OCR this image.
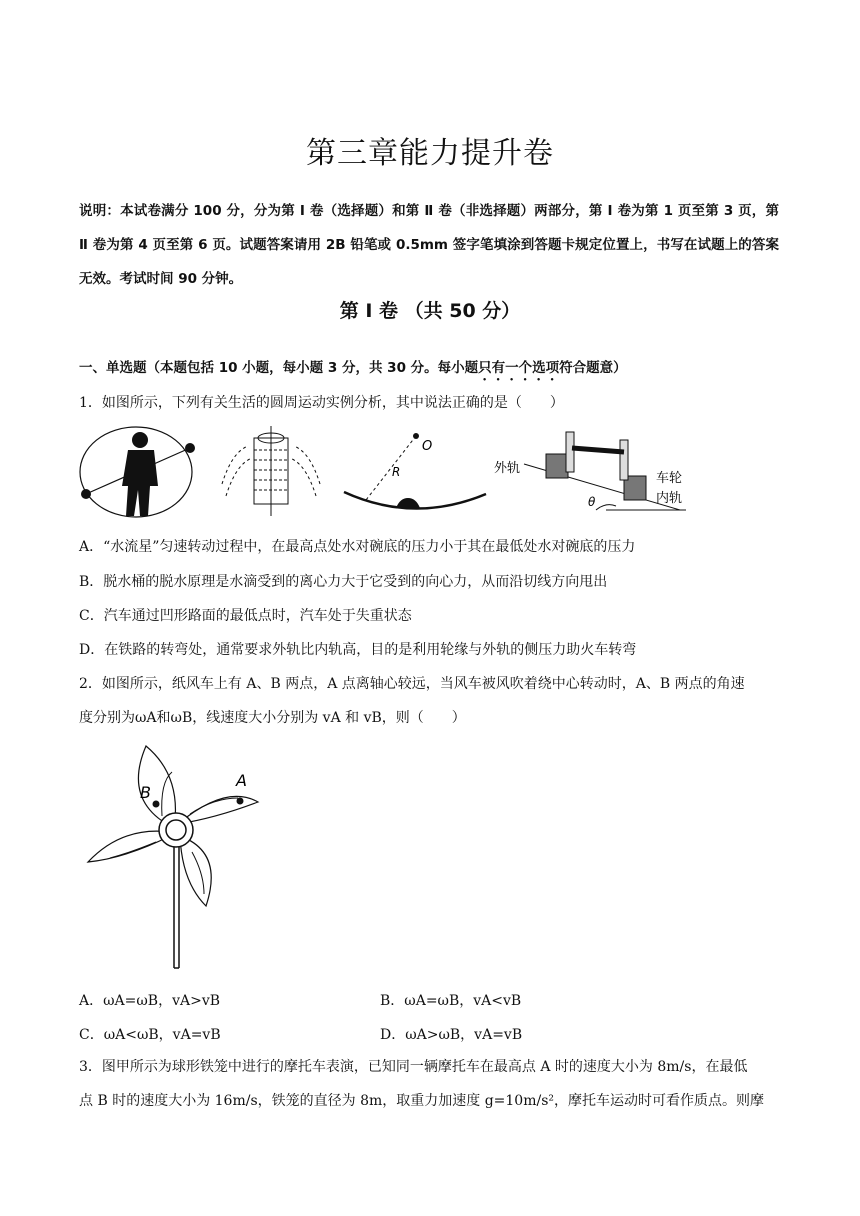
第三章能力提升卷
说明：本试卷满分 100 分，分为第 Ⅰ 卷（选择题）和第 Ⅱ 卷（非选择题）两部分，第 Ⅰ 卷为第 1 页至第 3 页，第 Ⅱ 卷为第 4 页至第 6 页。试题答案请用 2B 铅笔或 0.5mm 签字笔填涂到答题卡规定位置上，书写在试题上的答案无效。考试时间 90 分钟。
第 Ⅰ 卷 （共 50 分）
一、单选题（本题包括 10 小题，每小题 3 分，共 30 分。每小题只有一个选项符合题意）
1．如图所示，下列有关生活的圆周运动实例分析，其中说法正确的是（　　）
O
R	外轨
车轮
内轨
θ
A．“水流星”匀速转动过程中，在最高点处水对碗底的压力小于其在最低处水对碗底的压力
B．脱水桶的脱水原理是水滴受到的离心力大于它受到的向心力，从而沿切线方向甩出
C．汽车通过凹形路面的最低点时，汽车处于失重状态
D．在铁路的转弯处，通常要求外轨比内轨高，目的是利用轮缘与外轨的侧压力助火车转弯
2．如图所示，纸风车上有 A、B 两点，A 点离轴心较远，当风车被风吹着绕中心转动时，A、B 两点的角速
度分别为ωA和ωB，线速度大小分别为 vA 和 vB，则（　　）
B
A
A．ωA=ωB，vA>vB	B．ωA=ωB，vA<vB
C．ωA<ωB，vA=vB	D．ωA>ωB，vA=vB
3．图甲所示为球形铁笼中进行的摩托车表演，已知同一辆摩托车在最高点 A 时的速度大小为 8m/s，在最低
点 B 时的速度大小为 16m/s，铁笼的直径为 8m，取重力加速度 g=10m/s²，摩托车运动时可看作质点。则摩
